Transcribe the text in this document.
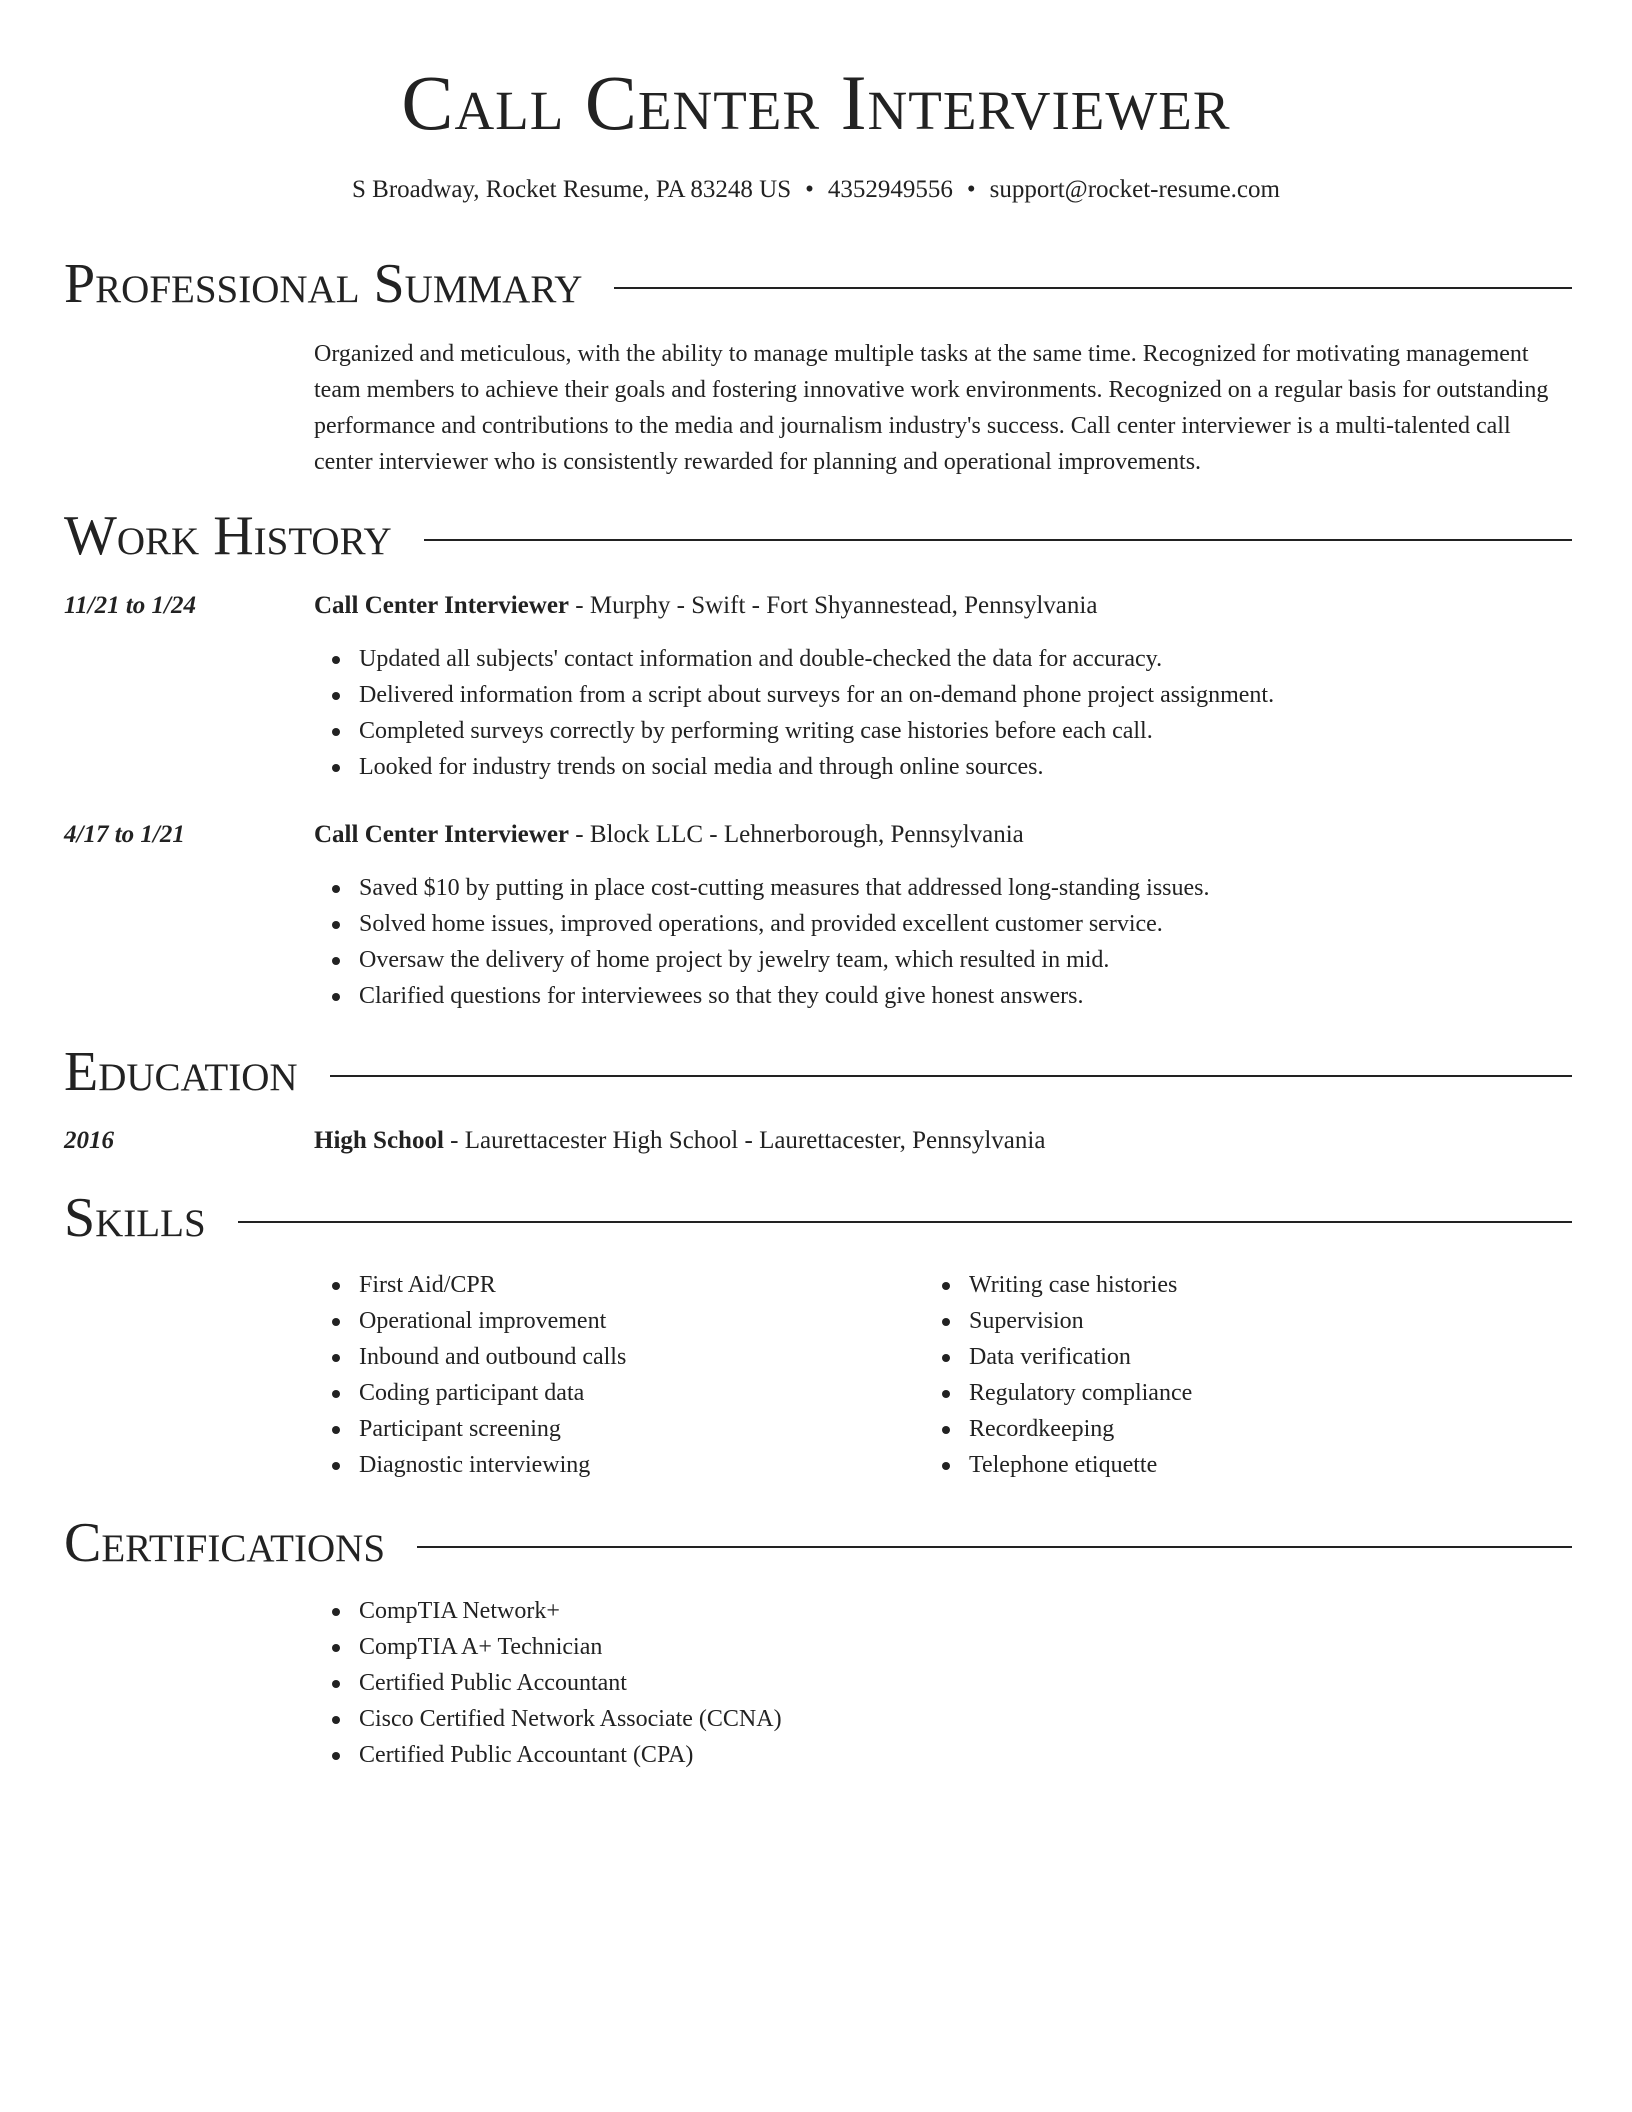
Call Center Interviewer
S Broadway, Rocket Resume, PA 83248 US • 4352949556 • support@rocket-resume.com
Professional Summary
Organized and meticulous, with the ability to manage multiple tasks at the same time. Recognized for motivating management team members to achieve their goals and fostering innovative work environments. Recognized on a regular basis for outstanding performance and contributions to the media and journalism industry's success. Call center interviewer is a multi-talented call center interviewer who is consistently rewarded for planning and operational improvements.
Work History
11/21 to 1/24	Call Center Interviewer - Murphy - Swift - Fort Shyannestead, Pennsylvania
Updated all subjects' contact information and double-checked the data for accuracy.
Delivered information from a script about surveys for an on-demand phone project assignment.
Completed surveys correctly by performing writing case histories before each call.
Looked for industry trends on social media and through online sources.
4/17 to 1/21	Call Center Interviewer - Block LLC - Lehnerborough, Pennsylvania
Saved $10 by putting in place cost-cutting measures that addressed long-standing issues.
Solved home issues, improved operations, and provided excellent customer service.
Oversaw the delivery of home project by jewelry team, which resulted in mid.
Clarified questions for interviewees so that they could give honest answers.
Education
2016	High School - Laurettacester High School - Laurettacester, Pennsylvania
Skills
First Aid/CPR
Operational improvement
Inbound and outbound calls
Coding participant data
Participant screening
Diagnostic interviewing
Writing case histories
Supervision
Data verification
Regulatory compliance
Recordkeeping
Telephone etiquette
Certifications
CompTIA Network+
CompTIA A+ Technician
Certified Public Accountant
Cisco Certified Network Associate (CCNA)
Certified Public Accountant (CPA)
